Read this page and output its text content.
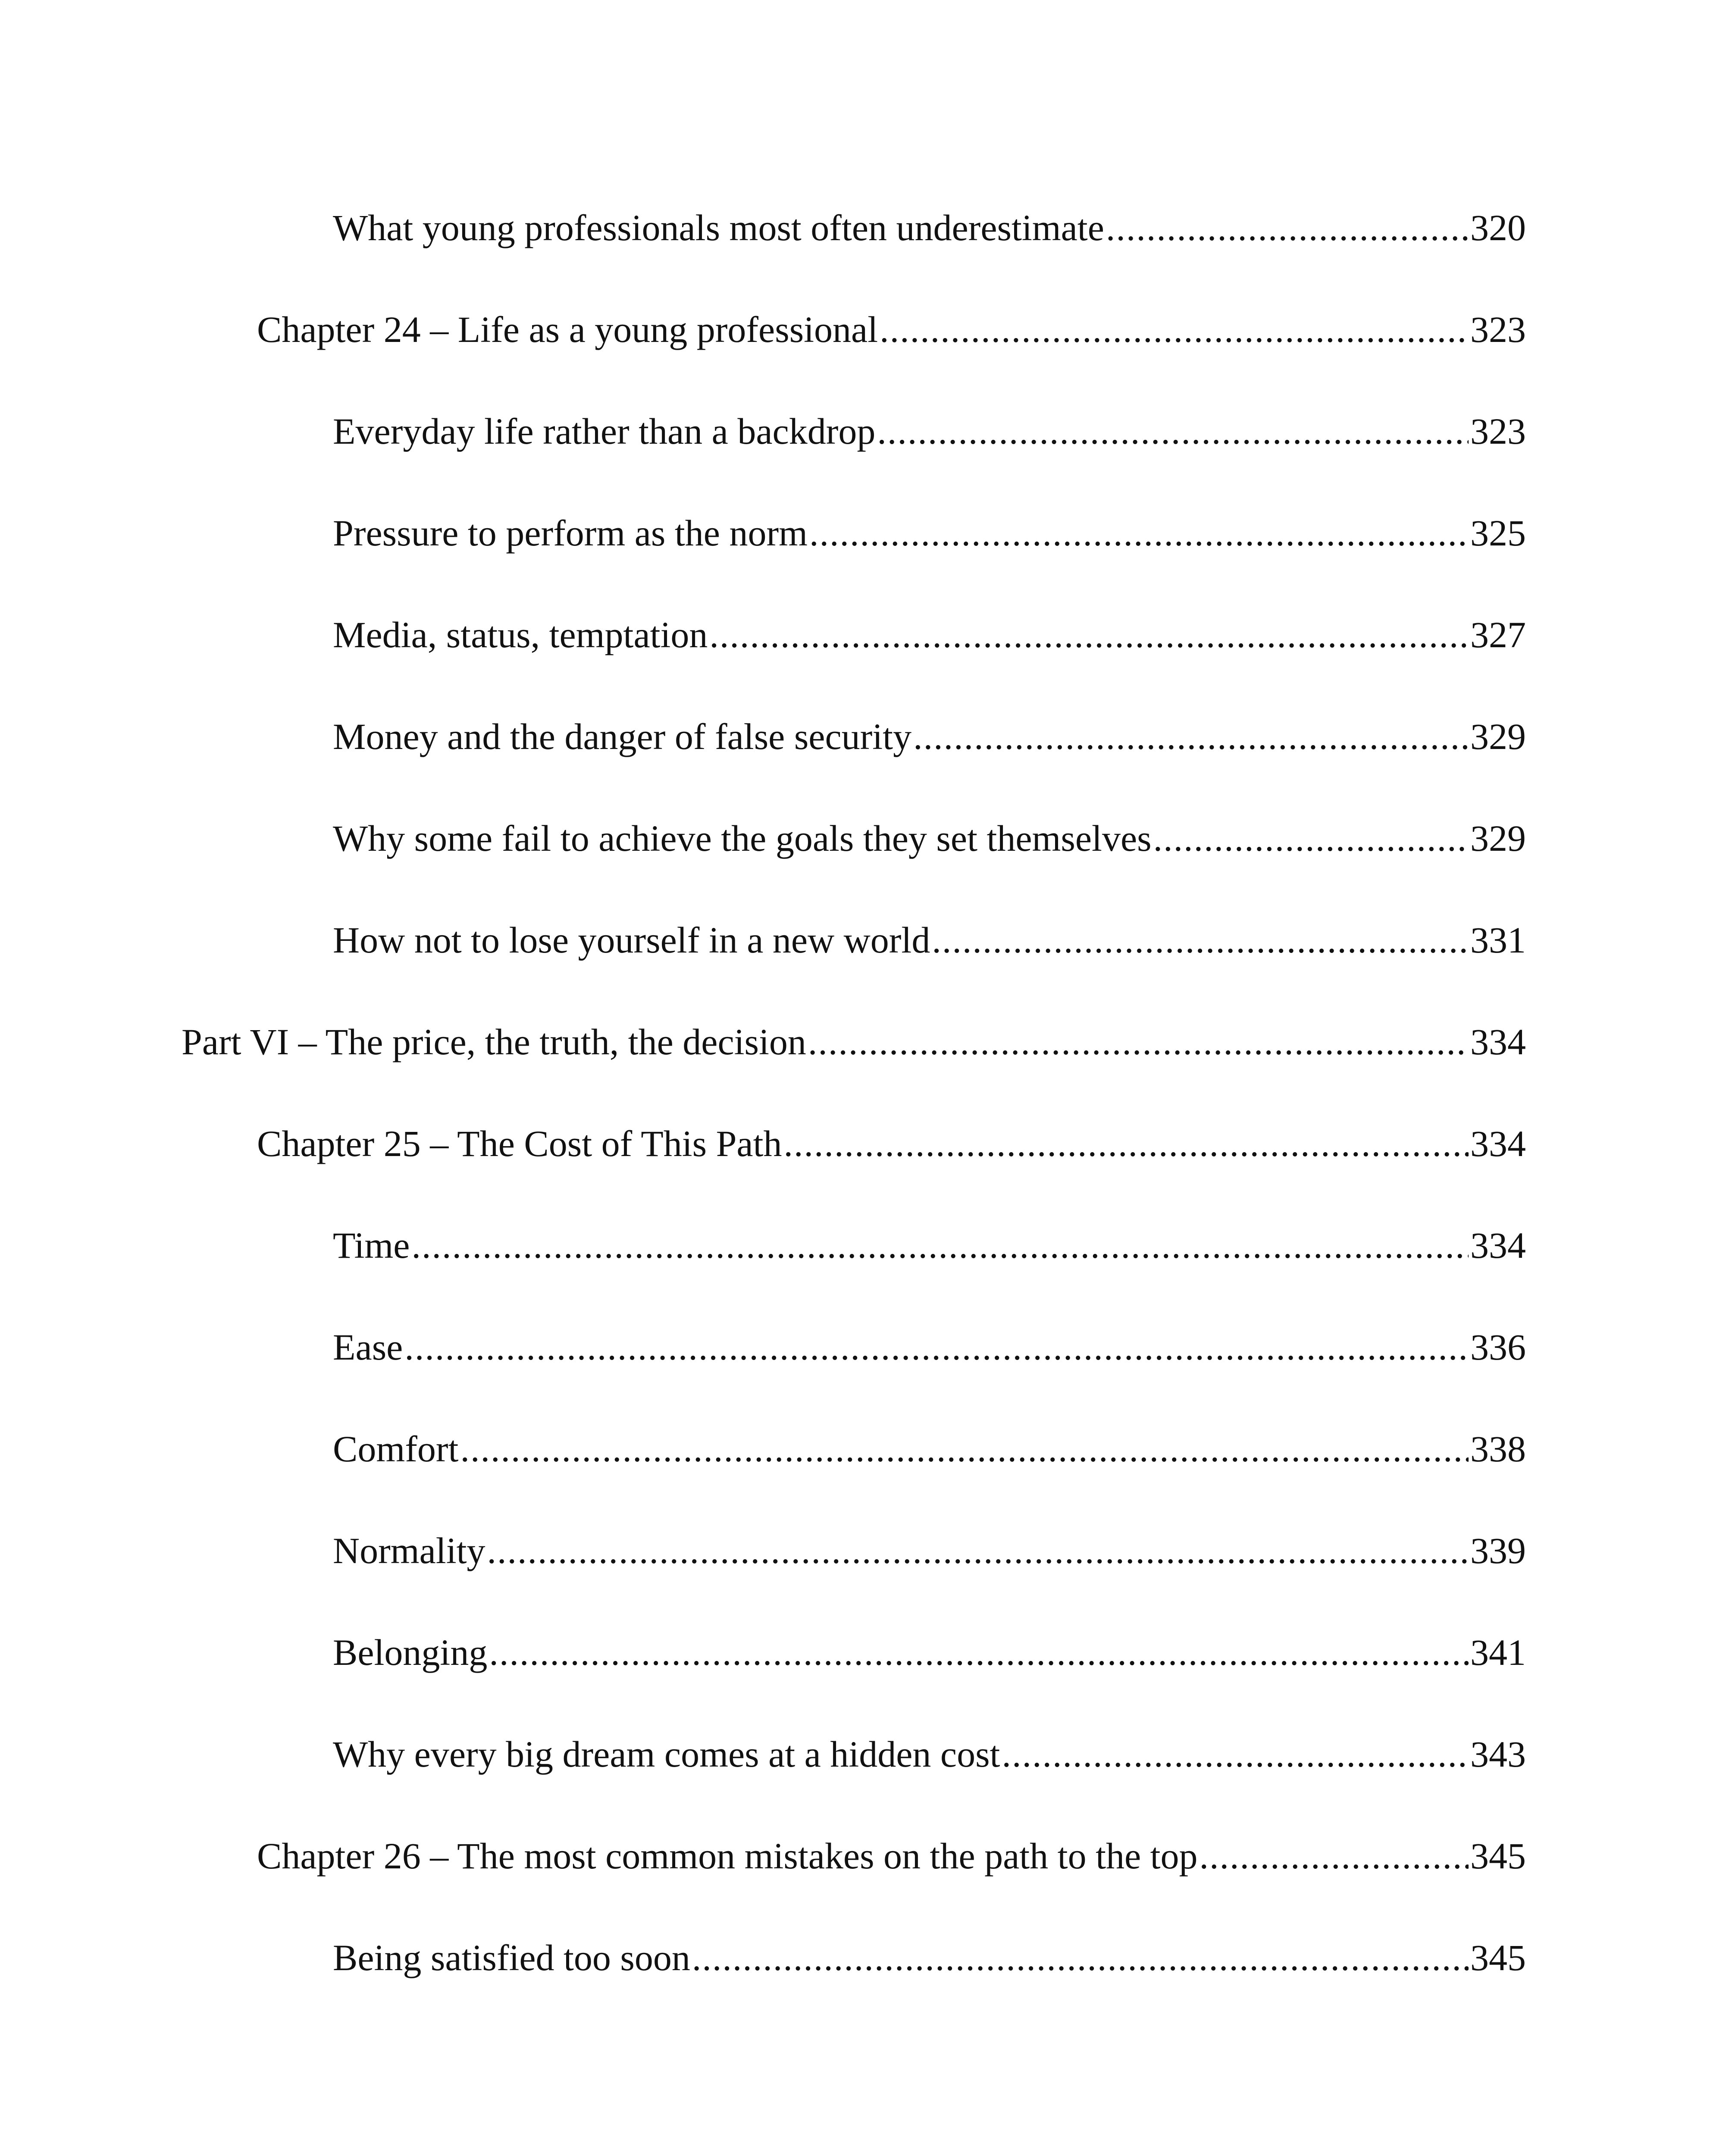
What young professionals most often underestimate .....	320
Chapter 24 – Life as a young professional .....	323
Everyday life rather than a backdrop .....	323
Pressure to perform as the norm .....	325
Media, status, temptation .....	327
Money and the danger of false security .....	329
Why some fail to achieve the goals they set themselves .....	329
How not to lose yourself in a new world .....	331
Part VI – The price, the truth, the decision .....	334
Chapter 25 – The Cost of This Path .....	334
Time .....	334
Ease .....	336
Comfort .....	338
Normality .....	339
Belonging .....	341
Why every big dream comes at a hidden cost .....	343
Chapter 26 – The most common mistakes on the path to the top .....	345
Being satisfied too soon .....	345
